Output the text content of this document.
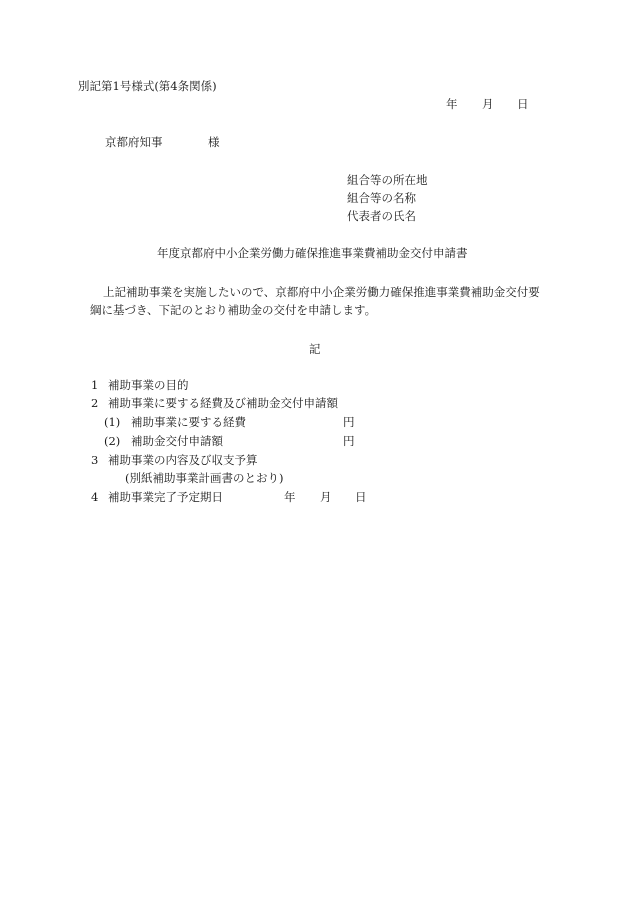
別記第1号様式(第4条関係)
年 月 日
京都府知事	様
組合等の所在地
組合等の名称
代表者の氏名
年度京都府中小企業労働力確保推進事業費補助金交付申請書
上記補助事業を実施したいので、京都府中小企業労働力確保推進事業費補助金交付要
綱に基づき、下記のとおり補助金の交付を申請します。
記
1 補助事業の目的
2 補助事業に要する経費及び補助金交付申請額
(1) 補助事業に要する経費	円
(2) 補助金交付申請額	円
3 補助事業の内容及び収支予算
(別紙補助事業計画書のとおり)
4 補助事業完了予定期日	年 月 日
